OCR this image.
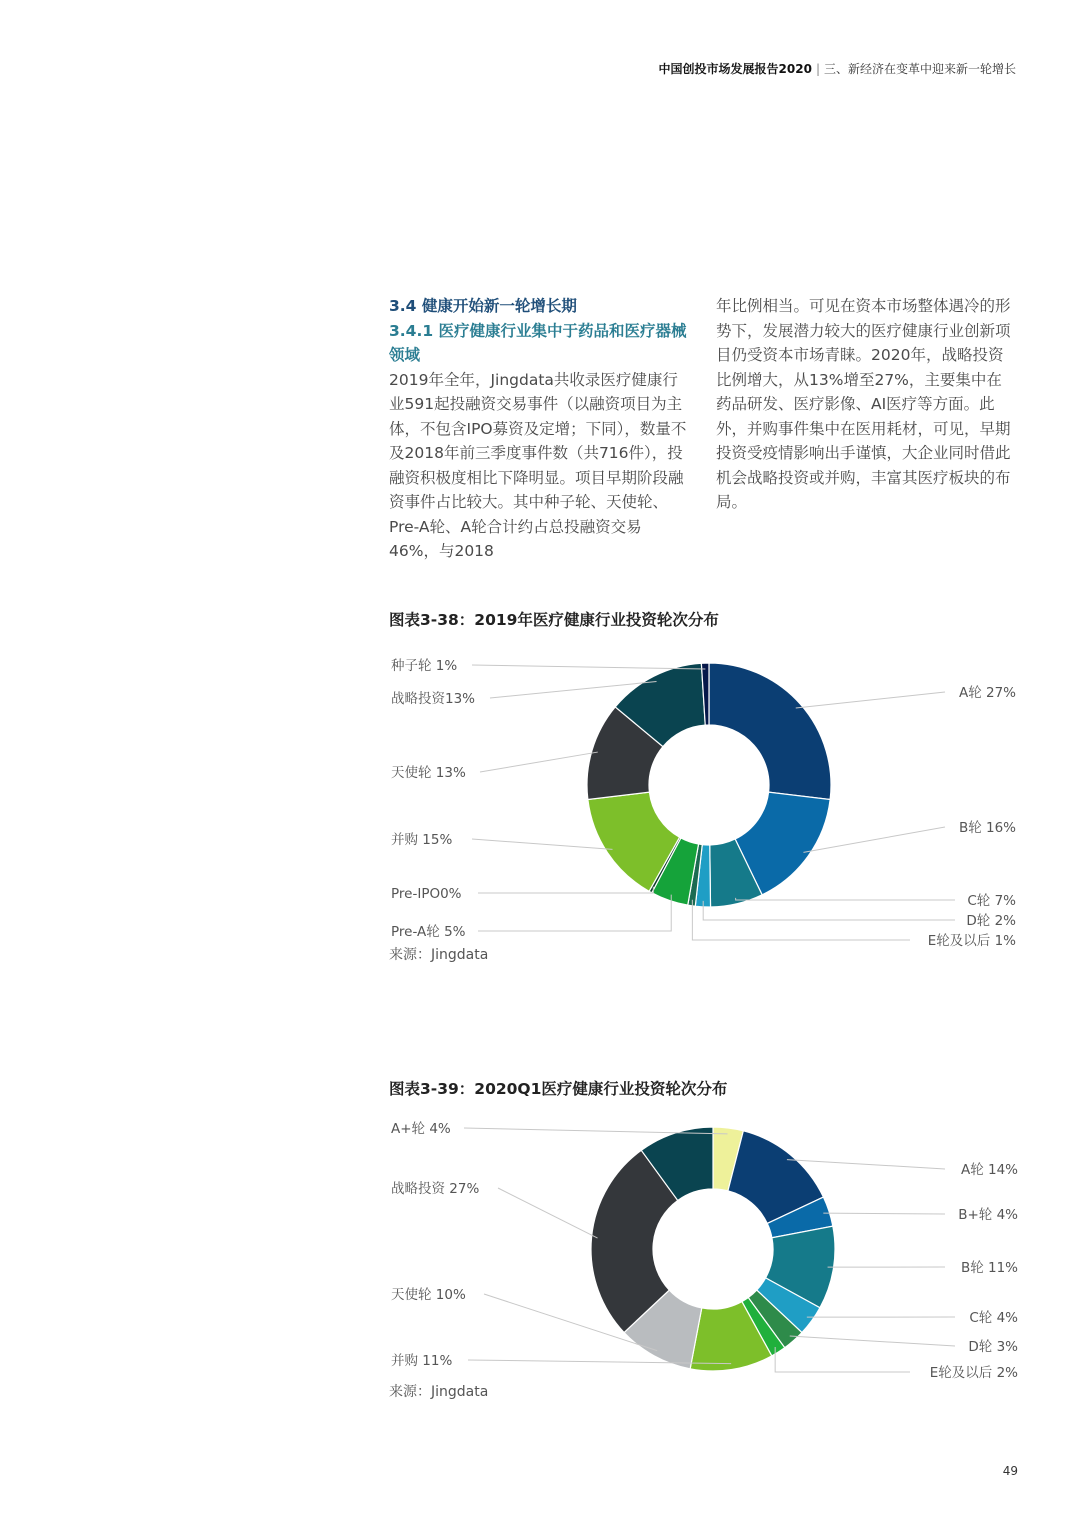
中国创投市场发展报告2020 | 三、新经济在变革中迎来新一轮增长
3.4 健康开始新一轮增长期
3.4.1 医疗健康行业集中于药品和医疗器械领域
2019年全年，Jingdata共收录医疗健康行业591起投融资交易事件（以融资项目为主体，不包含IPO募资及定增；下同），数量不及2018年前三季度事件数（共716件），投融资积极度相比下降明显。项目早期阶段融资事件占比较大。其中种子轮、天使轮、Pre-A轮、A轮合计约占总投融资交易46%，与2018
年比例相当。可见在资本市场整体遇冷的形势下，发展潜力较大的医疗健康行业创新项目仍受资本市场青睐。2020年，战略投资比例增大，从13%增至27%，主要集中在药品研发、医疗影像、AI医疗等方面。此外，并购事件集中在医用耗材，可见，早期投资受疫情影响出手谨慎，大企业同时借此机会战略投资或并购，丰富其医疗板块的布局。
图表3-38：2019年医疗健康行业投资轮次分布
A轮 27%
B轮 16%
C轮 7%
D轮 2%
E轮及以后 1%
Pre-A轮 5%
Pre-IPO0%
并购 15%
天使轮 13%
战略投资13%
种子轮 1%
来源：Jingdata
图表3-39：2020Q1医疗健康行业投资轮次分布
A+轮 4%
A轮 14%
B+轮 4%
B轮 11%
C轮 4%
D轮 3%
E轮及以后 2%
并购 11%
天使轮 10%
战略投资 27%
来源：Jingdata
49
